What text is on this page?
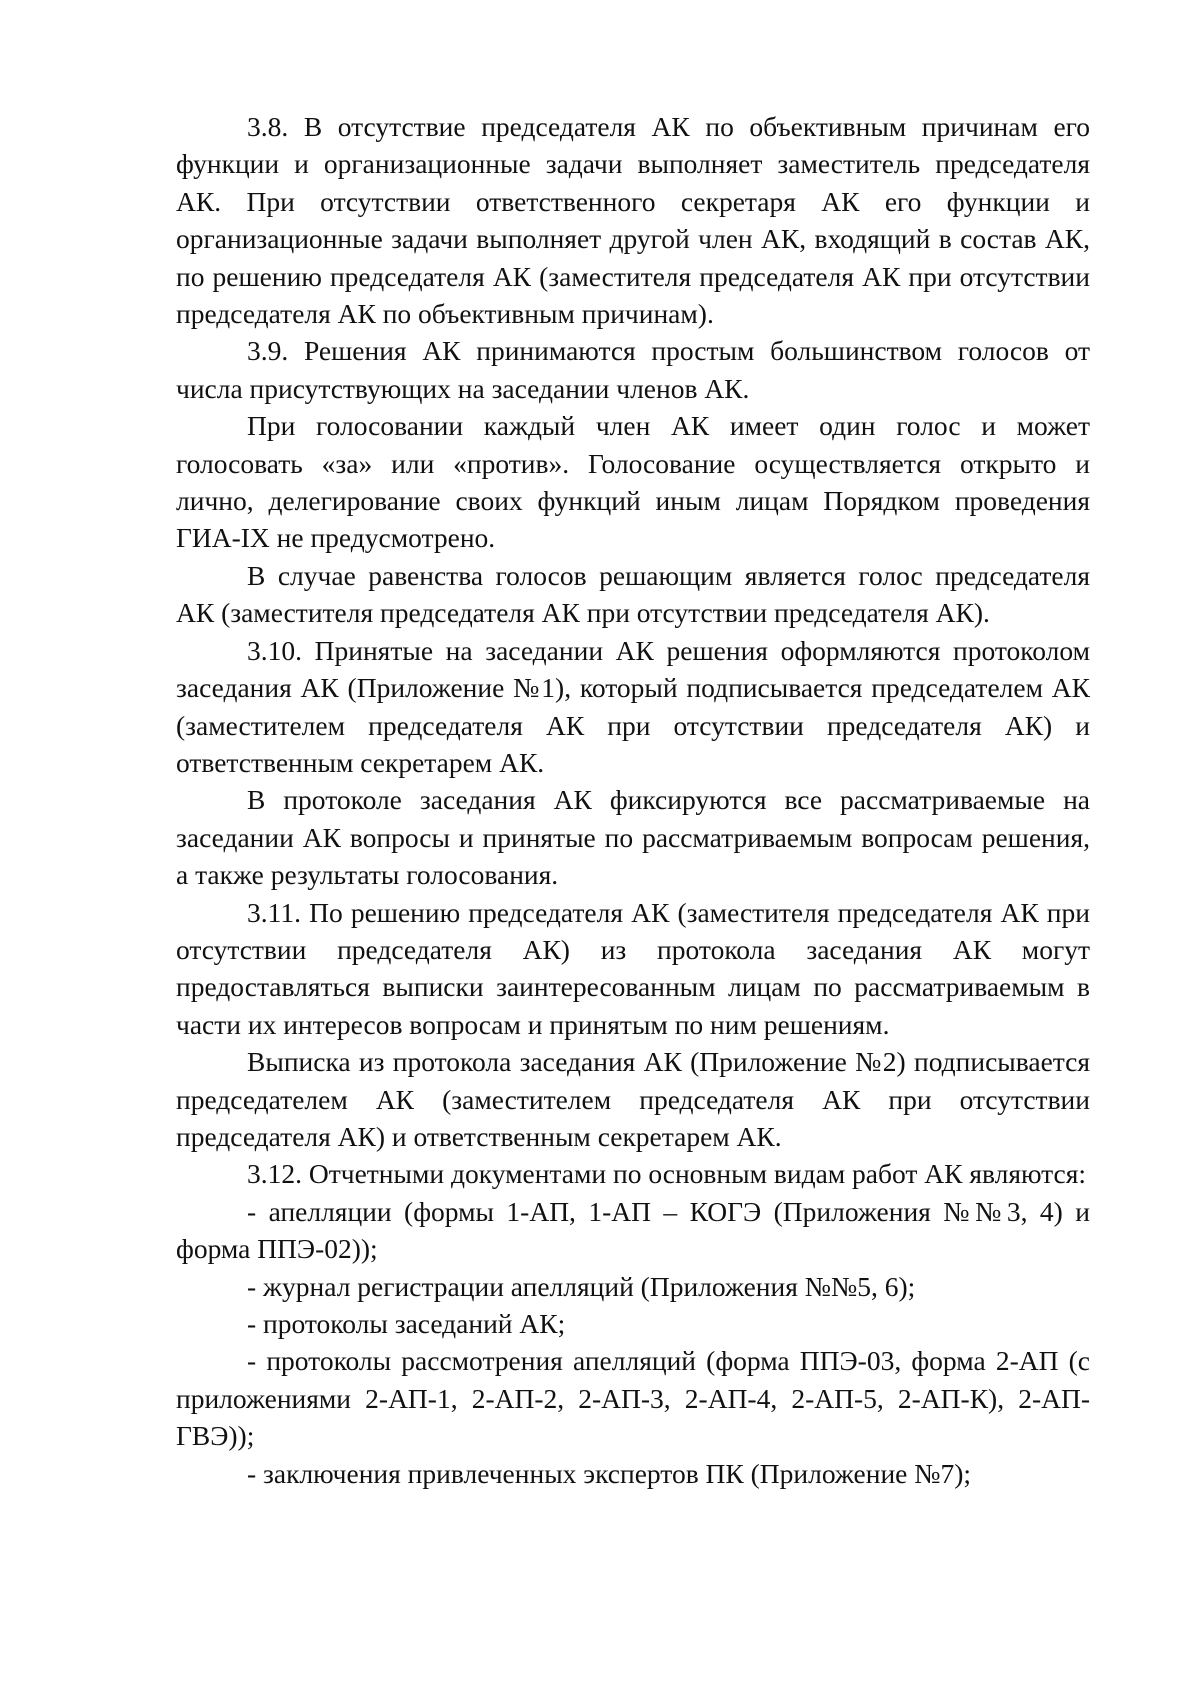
3.8. В отсутствие председателя АК по объективным причинам его функции и организационные задачи выполняет заместитель председателя АК. При отсутствии ответственного секретаря АК его функции и организационные задачи выполняет другой член АК, входящий в состав АК, по решению председателя АК (заместителя председателя АК при отсутствии председателя АК по объективным причинам).

3.9. Решения АК принимаются простым большинством голосов от числа присутствующих на заседании членов АК.

При голосовании каждый член АК имеет один голос и может голосовать «за» или «против». Голосование осуществляется открыто и лично, делегирование своих функций иным лицам Порядком проведения ГИА-IX не предусмотрено.

В случае равенства голосов решающим является голос председателя АК (заместителя председателя АК при отсутствии председателя АК).

3.10. Принятые на заседании АК решения оформляются протоколом заседания АК (Приложение №1), который подписывается председателем АК (заместителем председателя АК при отсутствии председателя АК) и ответственным секретарем АК.

В протоколе заседания АК фиксируются все рассматриваемые на заседании АК вопросы и принятые по рассматриваемым вопросам решения, а также результаты голосования.

3.11. По решению председателя АК (заместителя председателя АК при отсутствии председателя АК) из протокола заседания АК могут предоставляться выписки заинтересованным лицам по рассматриваемым в части их интересов вопросам и принятым по ним решениям.

Выписка из протокола заседания АК (Приложение №2) подписывается председателем АК (заместителем председателя АК при отсутствии председателя АК) и ответственным секретарем АК.

3.12. Отчетными документами по основным видам работ АК являются:

- апелляции (формы 1-АП, 1-АП – КОГЭ (Приложения №№3, 4) и форма ППЭ-02));

- журнал регистрации апелляций (Приложения №№5, 6);

- протоколы заседаний АК;

- протоколы рассмотрения апелляций (форма ППЭ-03, форма 2-АП (с приложениями 2-АП-1, 2-АП-2, 2-АП-3, 2-АП-4, 2-АП-5, 2-АП-К), 2-АП-ГВЭ));

- заключения привлеченных экспертов ПК (Приложение №7);
